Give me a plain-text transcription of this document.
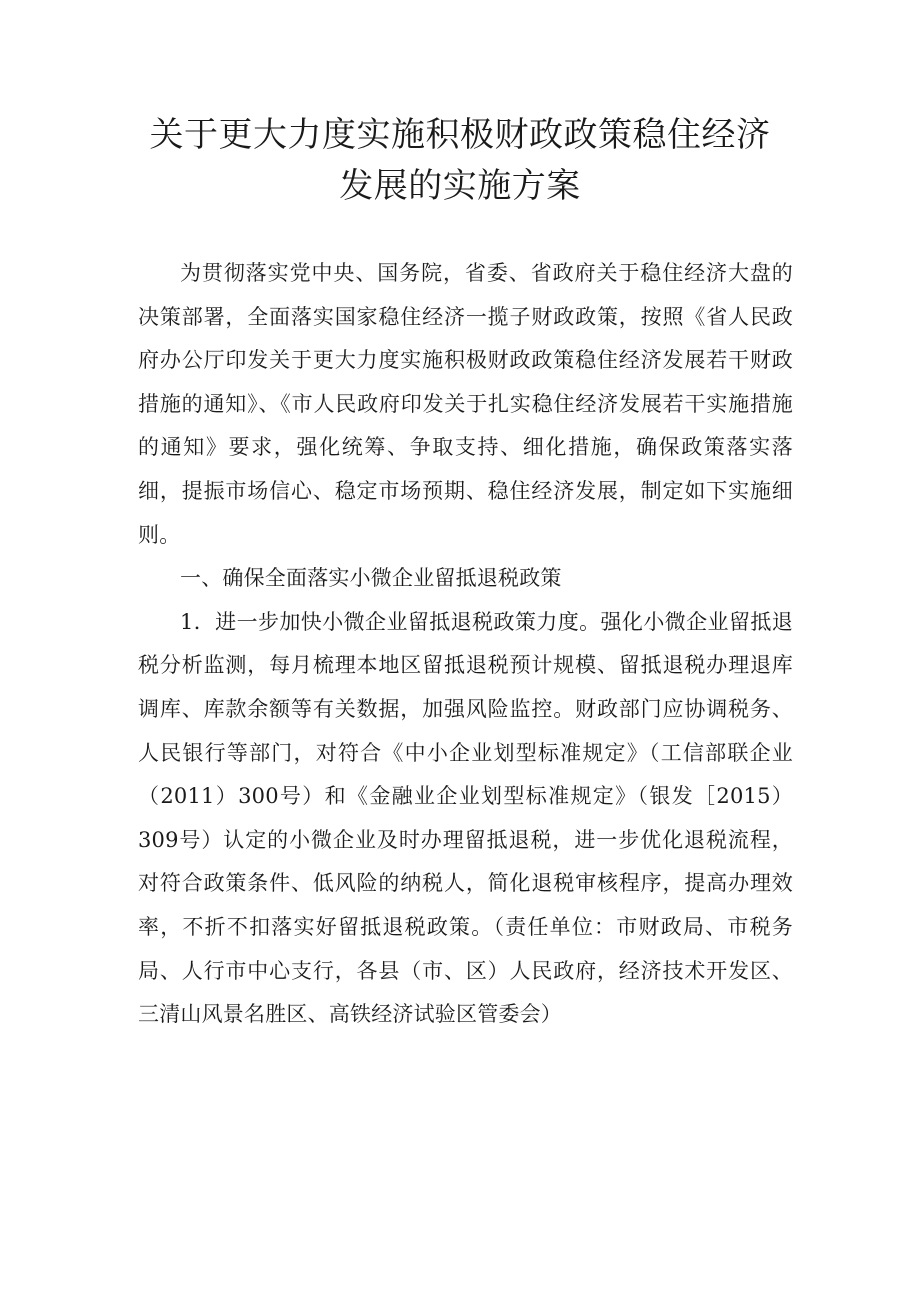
关于更大力度实施积极财政政策稳住经济
发展的实施方案

为贯彻落实党中央、国务院，省委、省政府关于稳住经济大盘的决策部署，全面落实国家稳住经济一揽子财政政策，按照《省人民政府办公厅印发关于更大力度实施积极财政政策稳住经济发展若干财政措施的通知》、《市人民政府印发关于扎实稳住经济发展若干实施措施的通知》要求，强化统筹、争取支持、细化措施，确保政策落实落细，提振市场信心、稳定市场预期、稳住经济发展，制定如下实施细则。

一、确保全面落实小微企业留抵退税政策

1．进一步加快小微企业留抵退税政策力度。强化小微企业留抵退税分析监测，每月梳理本地区留抵退税预计规模、留抵退税办理退库调库、库款余额等有关数据，加强风险监控。财政部门应协调税务、人民银行等部门，对符合《中小企业划型标准规定》（工信部联企业（2011）300号）和《金融业企业划型标准规定》（银发［2015）309号）认定的小微企业及时办理留抵退税，进一步优化退税流程，对符合政策条件、低风险的纳税人，简化退税审核程序，提高办理效率，不折不扣落实好留抵退税政策。（责任单位：市财政局、市税务局、人行市中心支行，各县（市、区）人民政府，经济技术开发区、三清山风景名胜区、高铁经济试验区管委会）
